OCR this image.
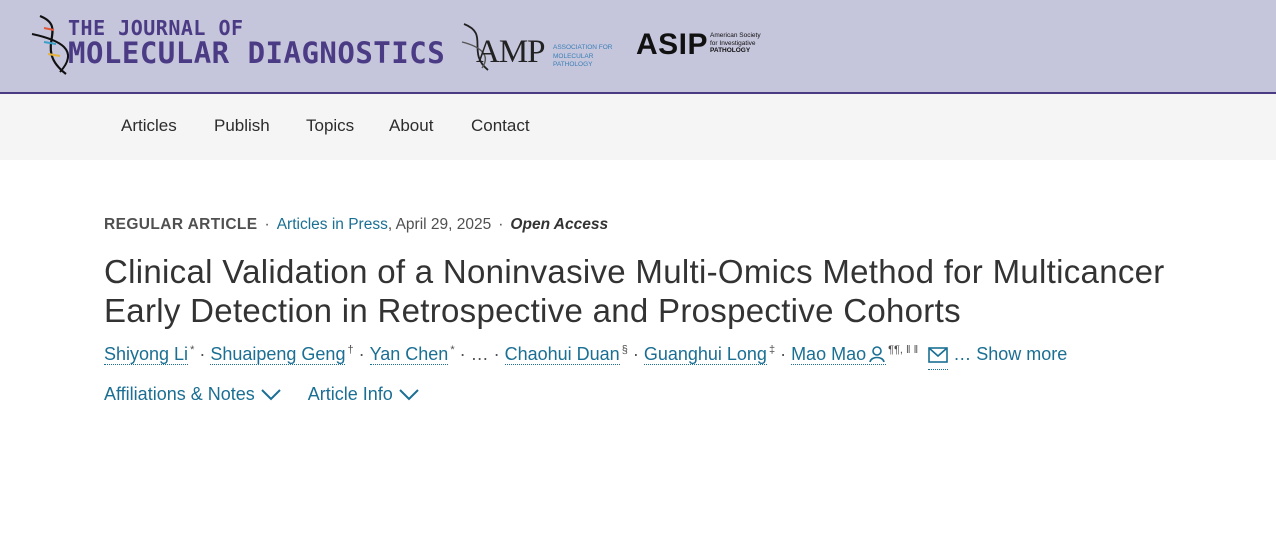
THE JOURNAL OF
MOLECULAR DIAGNOSTICS AMP ASSOCIATION FOR MOLECULAR PATHOLOGY
ASIP American Society
for Investigative
PATHOLOGY
Articles Publish Topics About Contact
REGULAR ARTICLE · Articles in Press, April 29, 2025 · Open Access
Clinical Validation of a Noninvasive Multi-Omics Method for Multicancer Early Detection in Retrospective and Prospective Cohorts
Shiyong Li * · Shuaipeng Geng † · Yan Chen * · … · Chaohui Duan § · Guanghui Long ‡ · Mao Mao ¶¶, ‖ ‖ … Show more
Affiliations & Notes	Article Info
